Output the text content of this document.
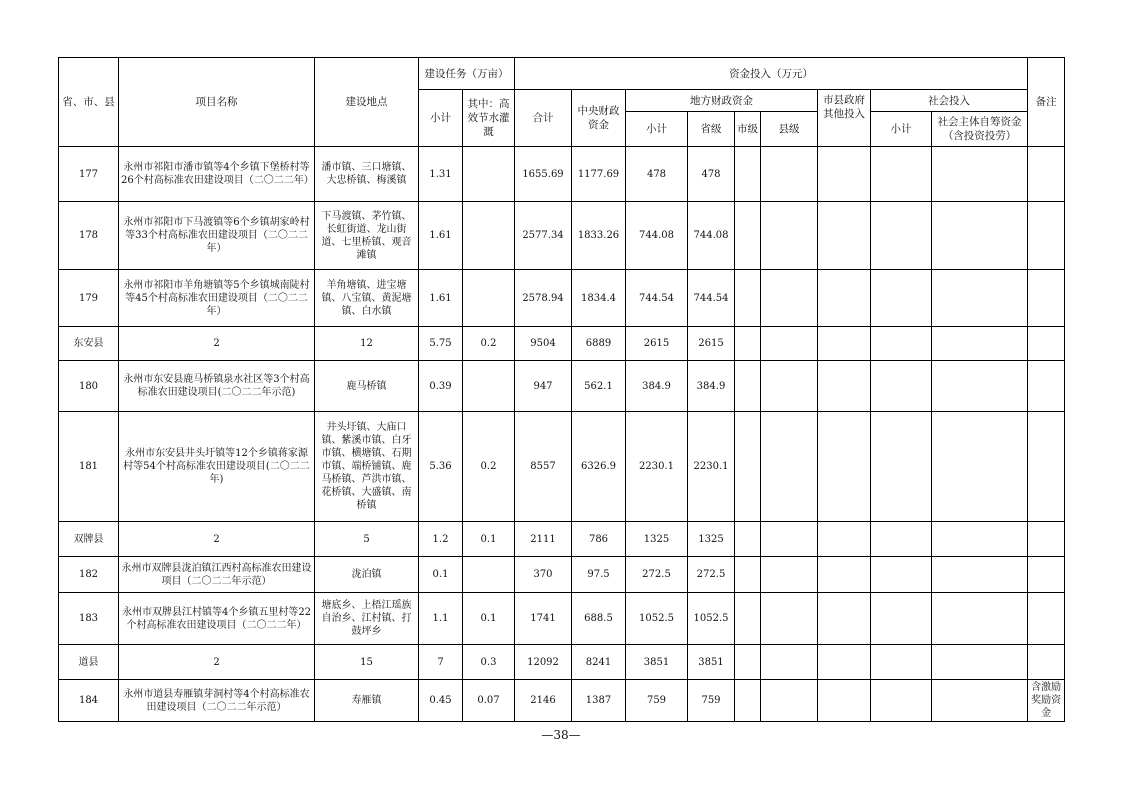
省、市、县	项目名称	建设地点	建设任务（万亩）		资金投入（万元）									备注
			小计	其中：高效节水灌溉	合计	中央财政资金	地方财政资金				市县政府其他投入	社会投入		
							小计	省级	市级	县级		小计	社会主体自筹资金（含投资投劳）	
177	永州市祁阳市潘市镇等4个乡镇下堡桥村等26个村高标准农田建设项目（二〇二二年）	潘市镇、三口塘镇、大忠桥镇、梅溪镇	1.31		1655.69	1177.69	478	478						
178	永州市祁阳市下马渡镇等6个乡镇胡家岭村等33个村高标准农田建设项目（二〇二二年）	下马渡镇、茅竹镇、长虹街道、龙山街道、七里桥镇、观音滩镇	1.61		2577.34	1833.26	744.08	744.08						
179	永州市祁阳市羊角塘镇等5个乡镇城南陡村等45个村高标准农田建设项目（二〇二二年）	羊角塘镇、进宝塘镇、八宝镇、黄泥塘镇、白水镇	1.61		2578.94	1834.4	744.54	744.54						
东安县	2	12	5.75	0.2	9504	6889	2615	2615						
180	永州市东安县鹿马桥镇泉水社区等3个村高标准农田建设项目(二〇二二年示范)	鹿马桥镇	0.39		947	562.1	384.9	384.9						
181	永州市东安县井头圩镇等12个乡镇蒋家源村等54个村高标准农田建设项目(二〇二二年)	井头圩镇、大庙口镇、紫溪市镇、白牙市镇、横塘镇、石期市镇、端桥铺镇、鹿马桥镇、芦洪市镇、花桥镇、大盛镇、南桥镇	5.36	0.2	8557	6326.9	2230.1	2230.1						
双牌县	2	5	1.2	0.1	2111	786	1325	1325						
182	永州市双牌县泷泊镇江西村高标准农田建设项目（二〇二二年示范）	泷泊镇	0.1		370	97.5	272.5	272.5						
183	永州市双牌县江村镇等4个乡镇五里村等22个村高标准农田建设项目（二〇二二年）	塘底乡、上梧江瑶族自治乡、江村镇、打鼓坪乡	1.1	0.1	1741	688.5	1052.5	1052.5						
道县	2	15	7	0.3	12092	8241	3851	3851						
184	永州市道县寿雁镇芽洞村等4个村高标准农田建设项目（二〇二二年示范）	寿雁镇	0.45	0.07	2146	1387	759	759						含激励奖励资金
—38—
